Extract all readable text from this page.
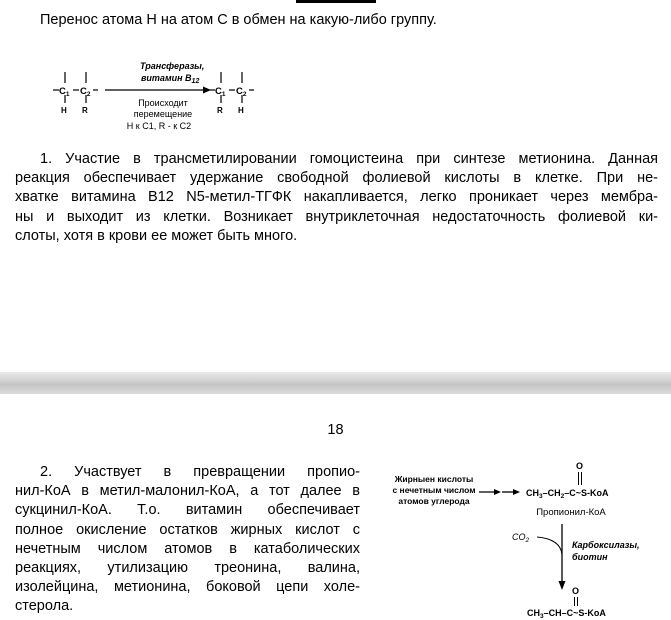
Перенос атома Н на атом С в обмен на какую-либо группу.
$C_1$ $C_2$
H R
Трансферазы,
витамин $В_{12}$
Происходит
перемещение
Н к С1, R - к С2
$C_1$ $C_2$
R H
1. Участие в трансметилировании гомоцистеина при синтезе метионина. Данная
реакция обеспечивает удержание свободной фолиевой кислоты в клетке. При не-
хватке витамина В12 N5-метил-ТГФК накапливается, легко проникает через мембра-
ны и выходит из клетки. Возникает внутриклеточная недостаточность фолиевой ки-
слоты, хотя в крови ее может быть много.
18
2. Участвует в превращении пропио-
нил-КоА в метил-малонил-КоА, а тот далее в
сукцинил-КоА. Т.о. витамин обеспечивает
полное окисление остатков жирных кислот с
нечетным числом атомов в катаболических
реакциях, утилизацию треонина, валина,
изолейцина, метионина, боковой цепи холе-
стерола.
Жирныен кислоты
с нечетным числом
атомов углерода
O
$CH_3-CH_2-C\sim S$-KoA
Пропионил-КоА
$CO_2$	Карбоксилазы,
биотин
O
$CH_3-CH-C\sim S$-KoA
